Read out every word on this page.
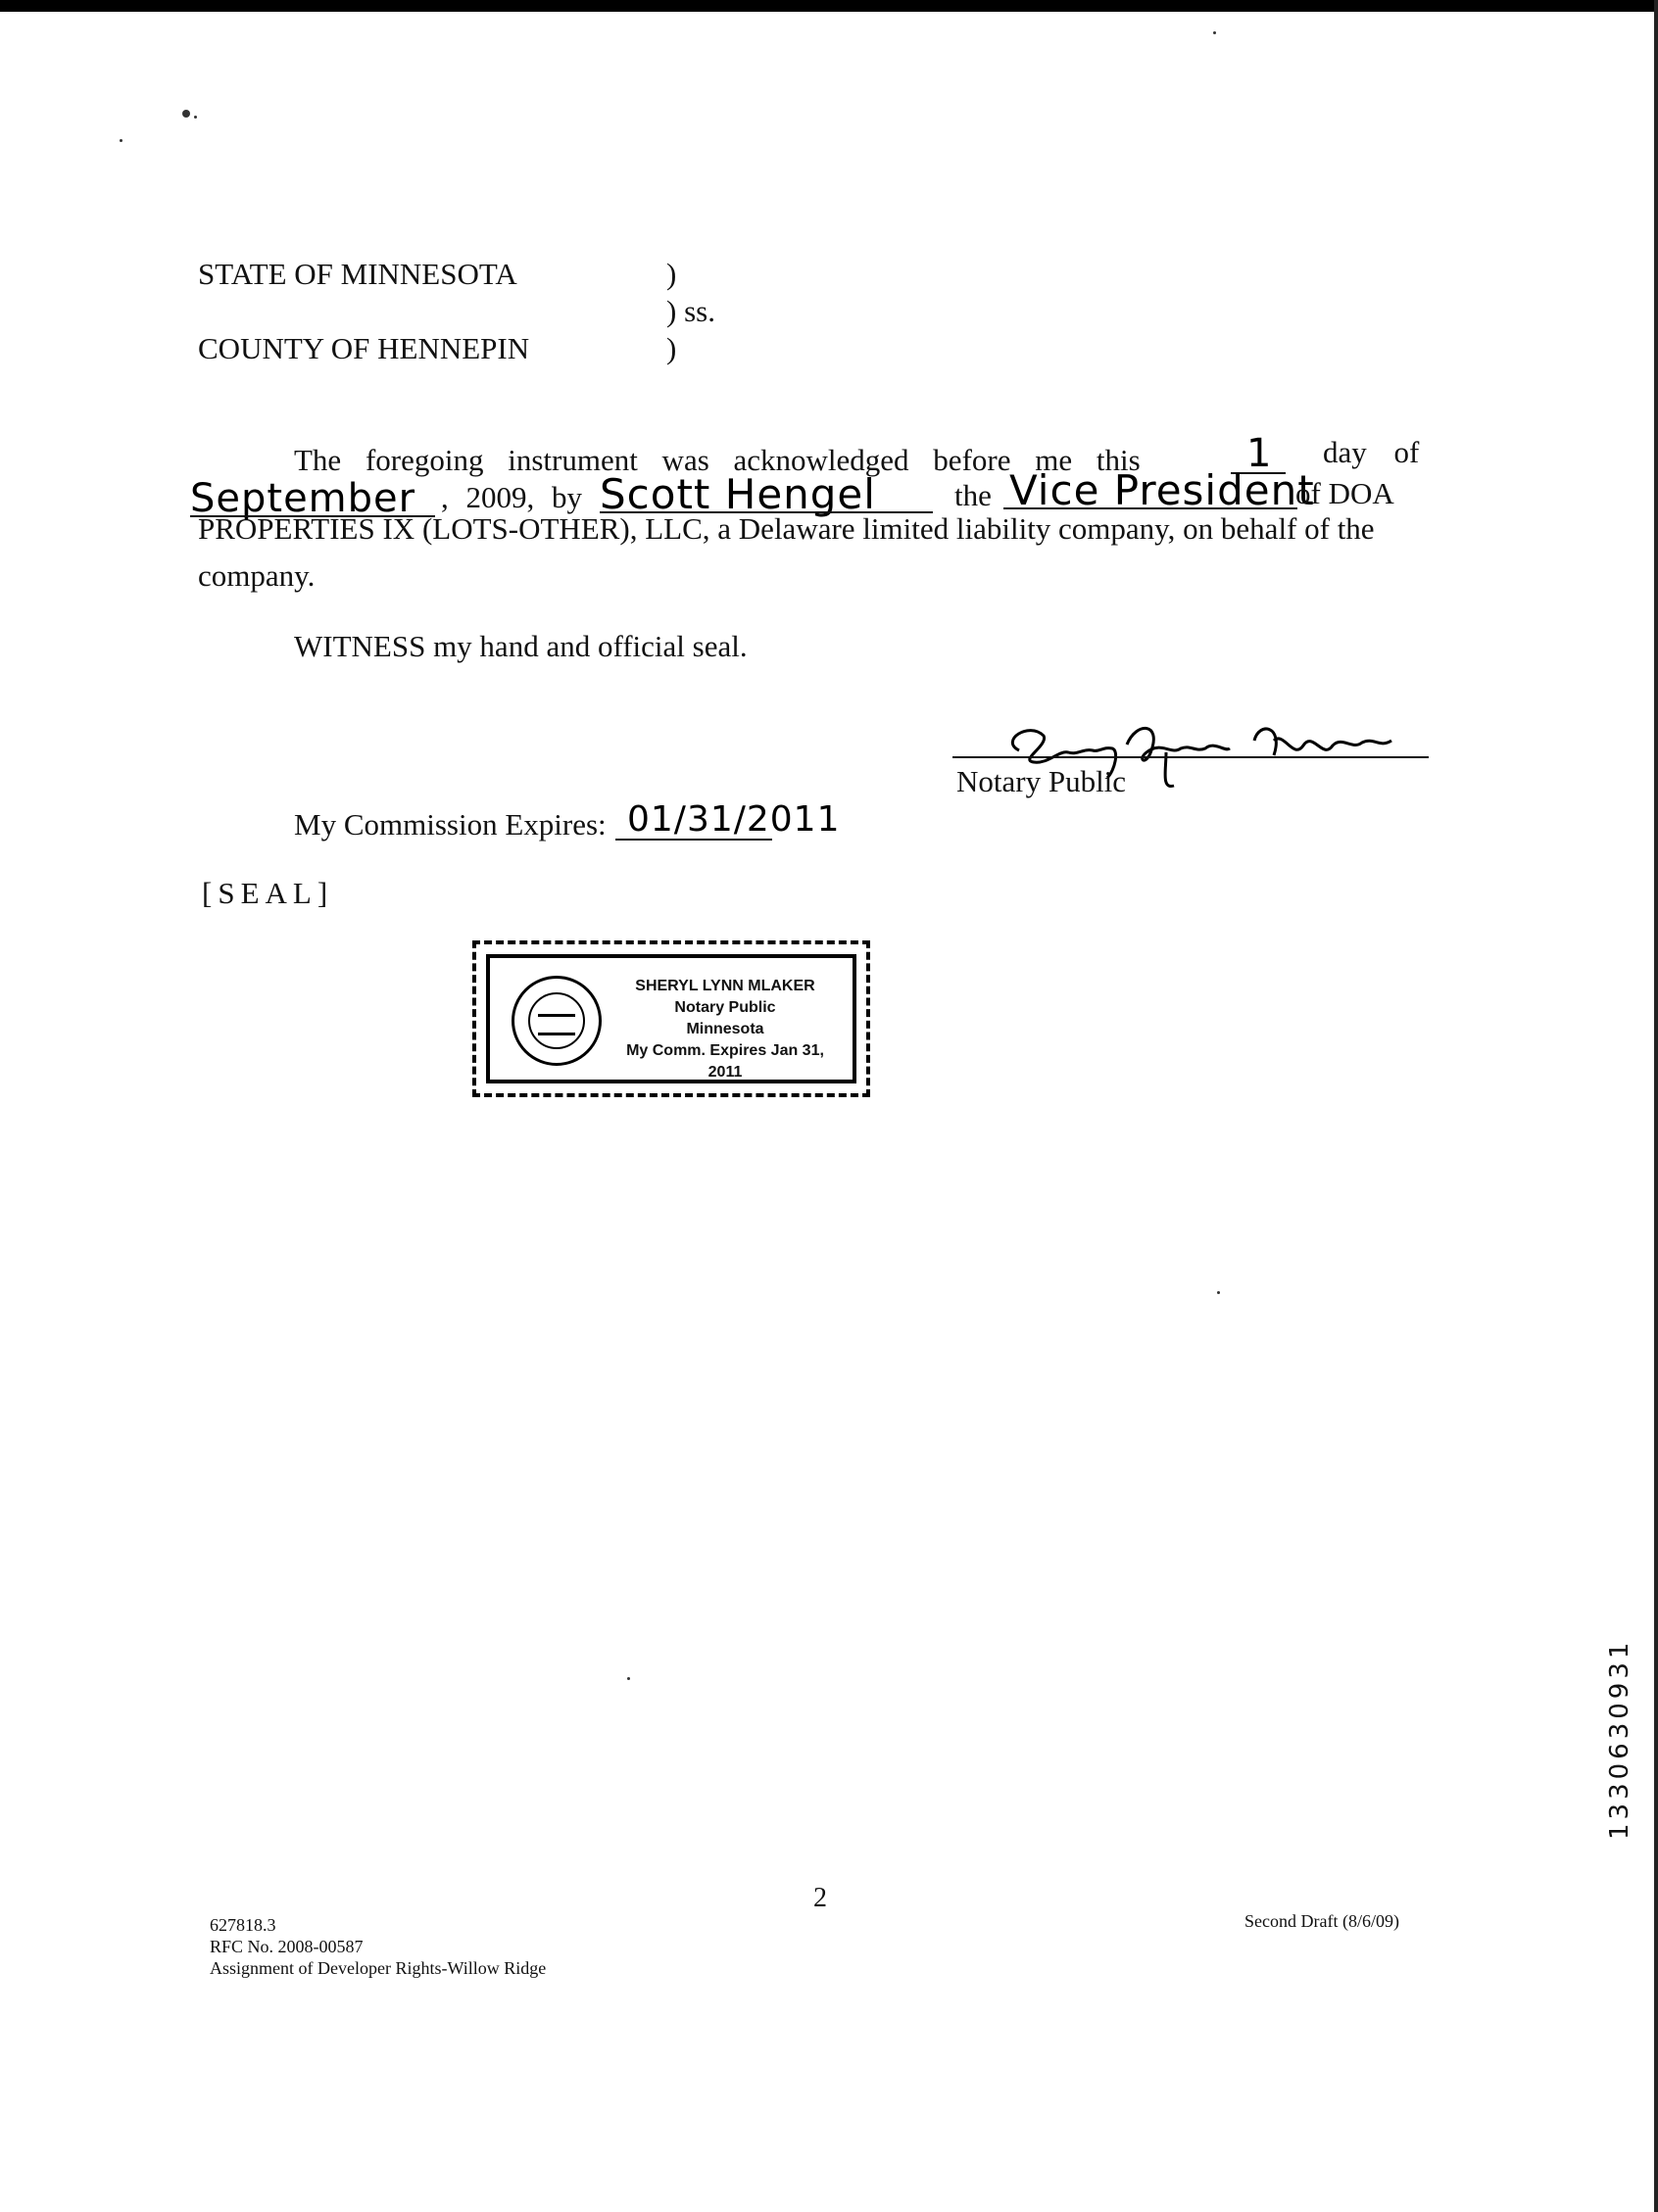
STATE OF MINNESOTA	)
) ss.
COUNTY OF HENNEPIN	)
The foregoing instrument was acknowledged before me this	1 day of
September , 2009, by Scott Hengel	the Vice President
of DOA
PROPERTIES IX (LOTS-OTHER), LLC, a Delaware limited liability company, on behalf of the
company.
WITNESS my hand and official seal.
Notary Public
My Commission Expires: 01/31/2011
[SEAL]
SHERYL LYNN MLAKER
Notary Public
Minnesota
My Comm. Expires Jan 31, 2011
2
627818.3
RFC No. 2008-00587
Assignment of Developer Rights-Willow Ridge
Second Draft (8/6/09)
1330630931
